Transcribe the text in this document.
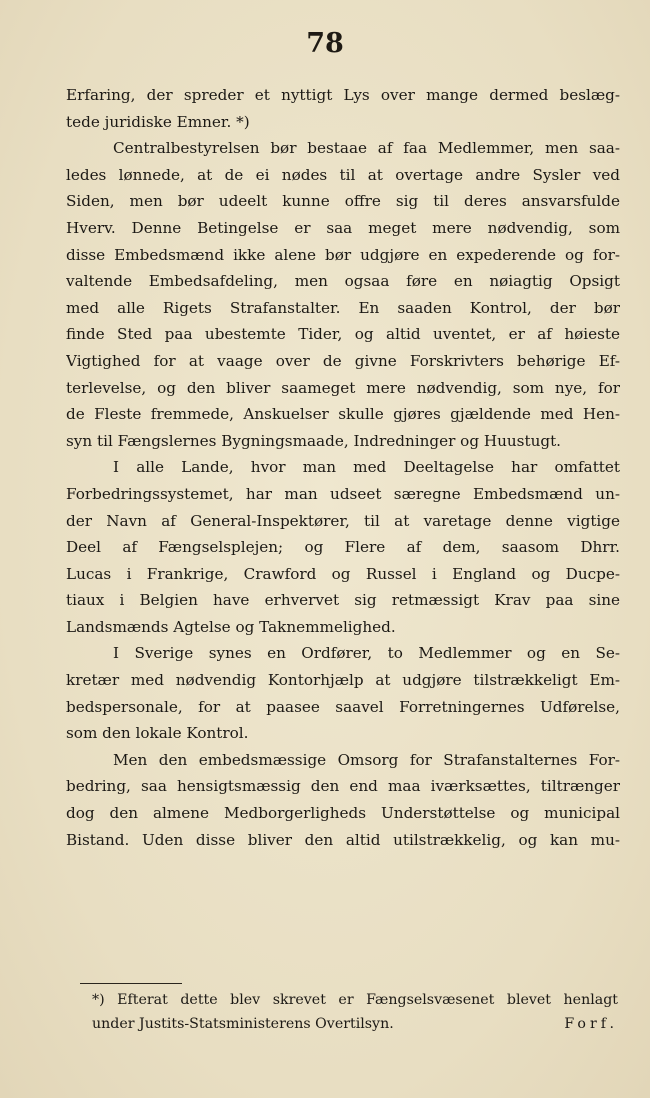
78
Erfaring, der spreder et nyttigt Lys over mange dermed beslæg-
tede juridiske Emner. *)
Centralbestyrelsen bør bestaae af faa Medlemmer, men saa-
ledes lønnede, at de ei nødes til at overtage andre Sysler ved
Siden, men bør udeelt kunne offre sig til deres ansvarsfulde
Hverv. Denne Betingelse er saa meget mere nødvendig, som
disse Embedsmænd ikke alene bør udgjøre en expederende og for-
valtende Embedsafdeling, men ogsaa føre en nøiagtig Opsigt
med alle Rigets Strafanstalter. En saaden Kontrol, der bør
finde Sted paa ubestemte Tider, og altid uventet, er af høieste
Vigtighed for at vaage over de givne Forskrivters behørige Ef-
terlevelse, og den bliver saameget mere nødvendig, som nye, for
de Fleste fremmede, Anskuelser skulle gjøres gjældende med Hen-
syn til Fængslernes Bygningsmaade, Indredninger og Huustugt.
I alle Lande, hvor man med Deeltagelse har omfattet
Forbedringssystemet, har man udseet særegne Embedsmænd un-
der Navn af General-Inspektører, til at varetage denne vigtige
Deel af Fængselsplejen; og Flere af dem, saasom Dhrr.
Lucas i Frankrige, Crawford og Russel i England og Ducpe-
tiaux i Belgien have erhvervet sig retmæssigt Krav paa sine
Landsmænds Agtelse og Taknemmelighed.
I Sverige synes en Ordfører, to Medlemmer og en Se-
kretær med nødvendig Kontorhjælp at udgjøre tilstrækkeligt Em-
bedspersonale, for at paasee saavel Forretningernes Udførelse,
som den lokale Kontrol.
Men den embedsmæssige Omsorg for Strafanstalternes For-
bedring, saa hensigtsmæssig den end maa iværksættes, tiltrænger
dog den almene Medborgerligheds Understøttelse og municipal
Bistand. Uden disse bliver den altid utilstrækkelig, og kan mu-
*) Efterat dette blev skrevet er Fængselsvæsenet blevet henlagt
under Justits-Statsministerens Overtilsyn.	Forf.
